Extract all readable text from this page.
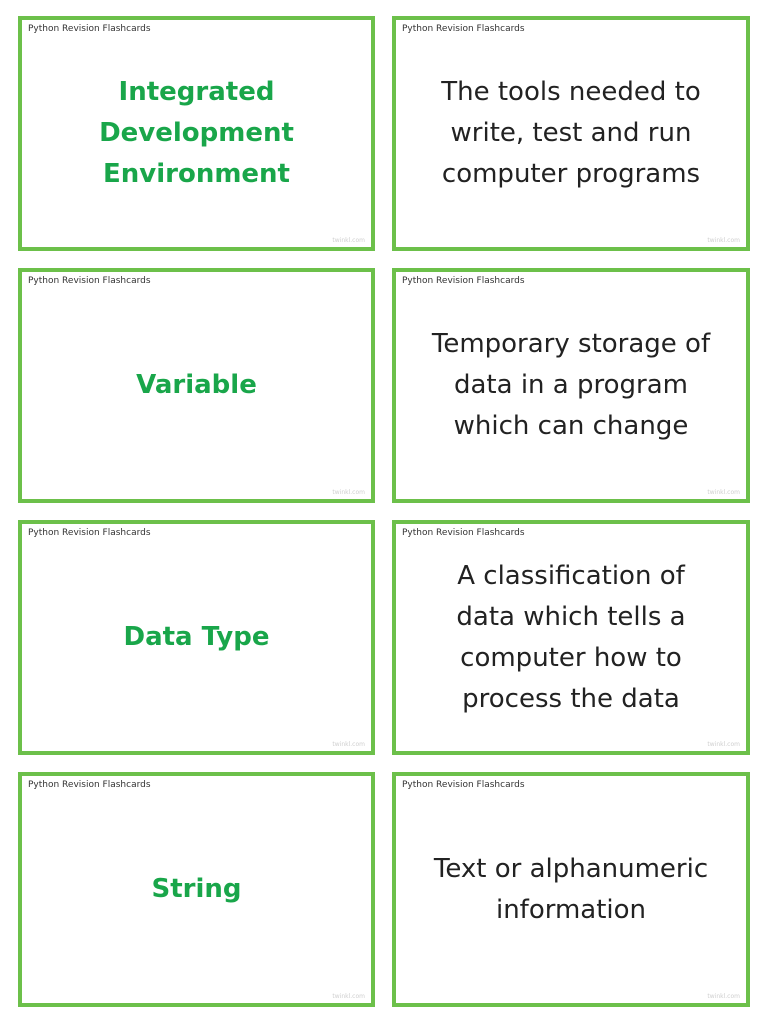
Python Revision Flashcards
Integrated Development Environment
twinkl.com
Python Revision Flashcards
The tools needed to write, test and run computer programs
twinkl.com
Python Revision Flashcards
Variable
twinkl.com
Python Revision Flashcards
Temporary storage of data in a program which can change
twinkl.com
Python Revision Flashcards
Data Type
twinkl.com
Python Revision Flashcards
A classification of data which tells a computer how to process the data
twinkl.com
Python Revision Flashcards
String
twinkl.com
Python Revision Flashcards
Text or alphanumeric information
twinkl.com
